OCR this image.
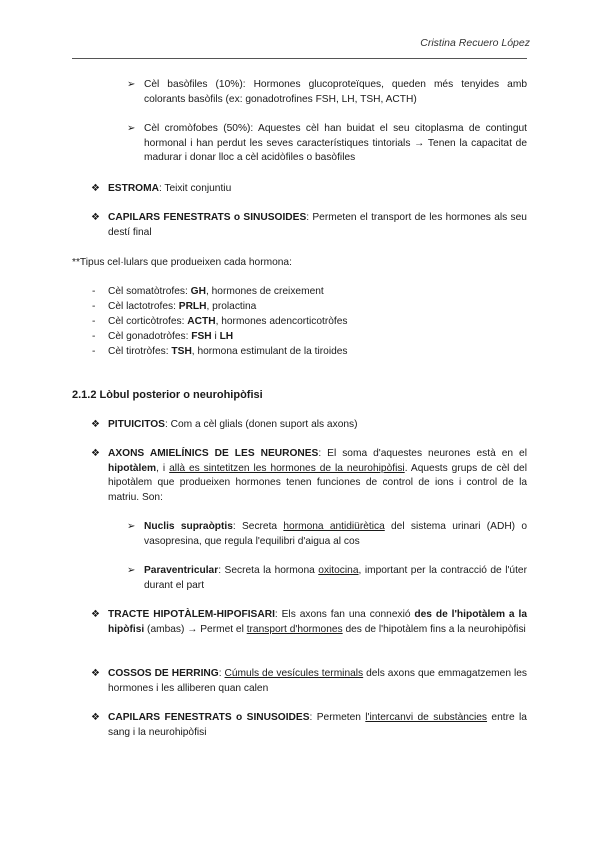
Cristina Recuero López
➢ Cèl basòfiles (10%): Hormones glucoproteïques, queden més tenyides amb colorants basòfils (ex: gonadotrofines FSH, LH, TSH, ACTH)
➢ Cèl cromòfobes (50%): Aquestes cèl han buidat el seu citoplasma de contingut hormonal i han perdut les seves característiques tintorials → Tenen la capacitat de madurar i donar lloc a cèl acidòfiles o basòfiles
❖ ESTROMA: Teixit conjuntiu
❖ CAPILARS FENESTRATS o SINUSOIDES: Permeten el transport de les hormones als seu destí final
**Tipus cel·lulars que produeixen cada hormona:
- Cèl somatòtrofes: GH, hormones de creixement
- Cèl lactotrofes: PRLH, prolactina
- Cèl corticòtrofes: ACTH, hormones adencorticotròfes
- Cèl gonadotròfes: FSH i LH
- Cèl tirotròfes: TSH, hormona estimulant de la tiroides
2.1.2 Lòbul posterior o neurohipòfisi
❖ PITUICITOS: Com a cèl glials (donen suport als axons)
❖ AXONS AMIELÍNICS DE LES NEURONES: El soma d'aquestes neurones està en el hipotàlem, i allà es sintetitzen les hormones de la neurohipòfisi. Aquests grups de cèl del hipotàlem que produeixen hormones tenen funciones de control de ions i control de la matriu. Son:
➢ Nuclis supraòptis: Secreta hormona antidiürètica del sistema urinari (ADH) o vasopresina, que regula l'equilibri d'aigua al cos
➢ Paraventricular: Secreta la hormona oxitocina, important per la contracció de l'úter durant el part
❖ TRACTE HIPOTÀLEM-HIPOFISARI: Els axons fan una connexió des de l'hipotàlem a la hipòfisi (ambas) → Permet el transport d'hormones des de l'hipotàlem fins a la neurohipòfisi
❖ COSSOS DE HERRING: Cúmuls de vesícules terminals dels axons que emmagatzemen les hormones i les alliberen quan calen
❖ CAPILARS FENESTRATS o SINUSOIDES: Permeten l'intercanvi de substàncies entre la sang i la neurohipòfisi
